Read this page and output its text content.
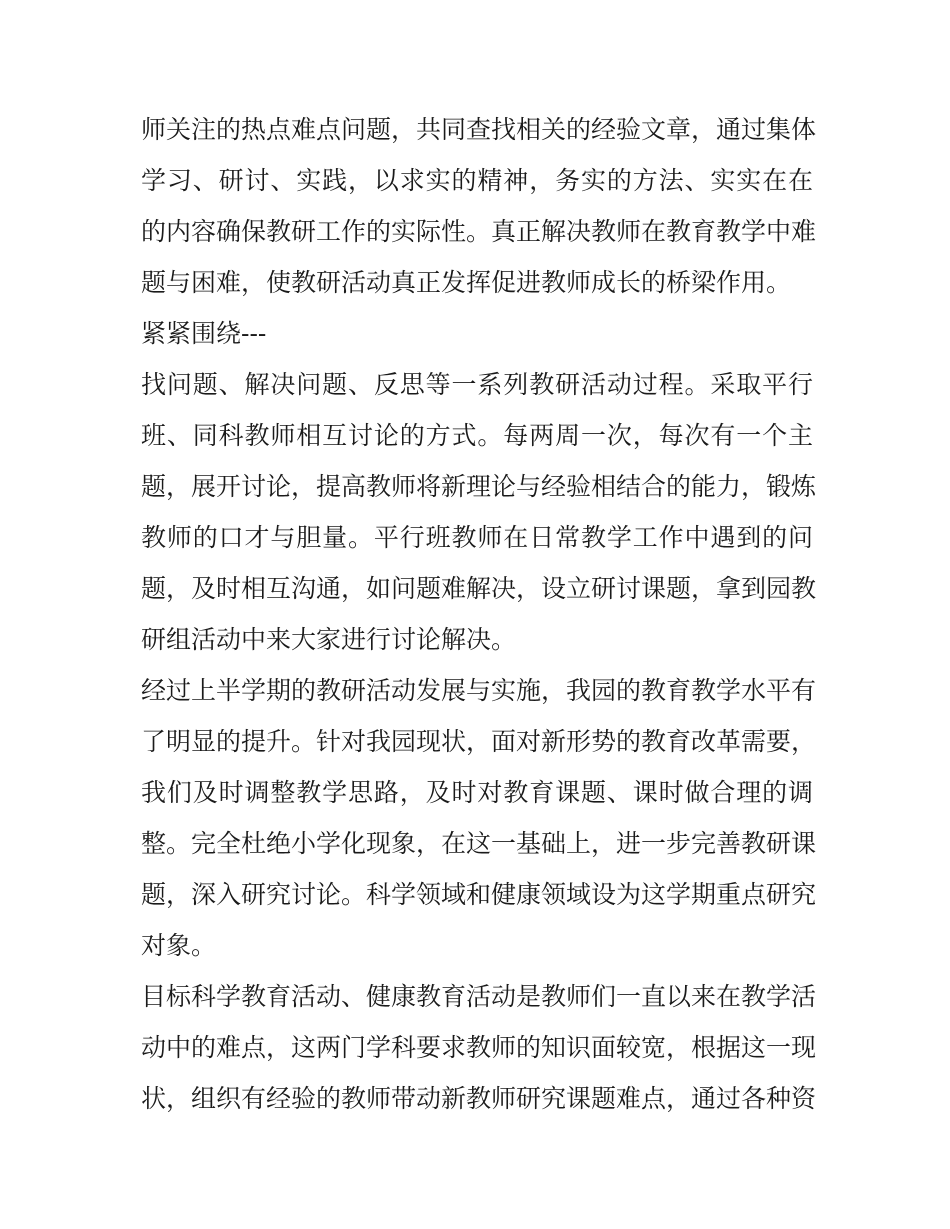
师关注的热点难点问题，共同查找相关的经验文章，通过集体
学习、研讨、实践，以求实的精神，务实的方法、实实在在
的内容确保教研工作的实际性。真正解决教师在教育教学中难
题与困难，使教研活动真正发挥促进教师成长的桥梁作用。
紧紧围绕---
找问题、解决问题、反思等一系列教研活动过程。采取平行
班、同科教师相互讨论的方式。每两周一次，每次有一个主
题，展开讨论，提高教师将新理论与经验相结合的能力，锻炼
教师的口才与胆量。平行班教师在日常教学工作中遇到的问
题，及时相互沟通，如问题难解决，设立研讨课题，拿到园教
研组活动中来大家进行讨论解决。
经过上半学期的教研活动发展与实施，我园的教育教学水平有
了明显的提升。针对我园现状，面对新形势的教育改革需要，
我们及时调整教学思路，及时对教育课题、课时做合理的调
整。完全杜绝小学化现象，在这一基础上，进一步完善教研课
题，深入研究讨论。科学领域和健康领域设为这学期重点研究
对象。
目标科学教育活动、健康教育活动是教师们一直以来在教学活
动中的难点，这两门学科要求教师的知识面较宽，根据这一现
状，组织有经验的教师带动新教师研究课题难点，通过各种资
